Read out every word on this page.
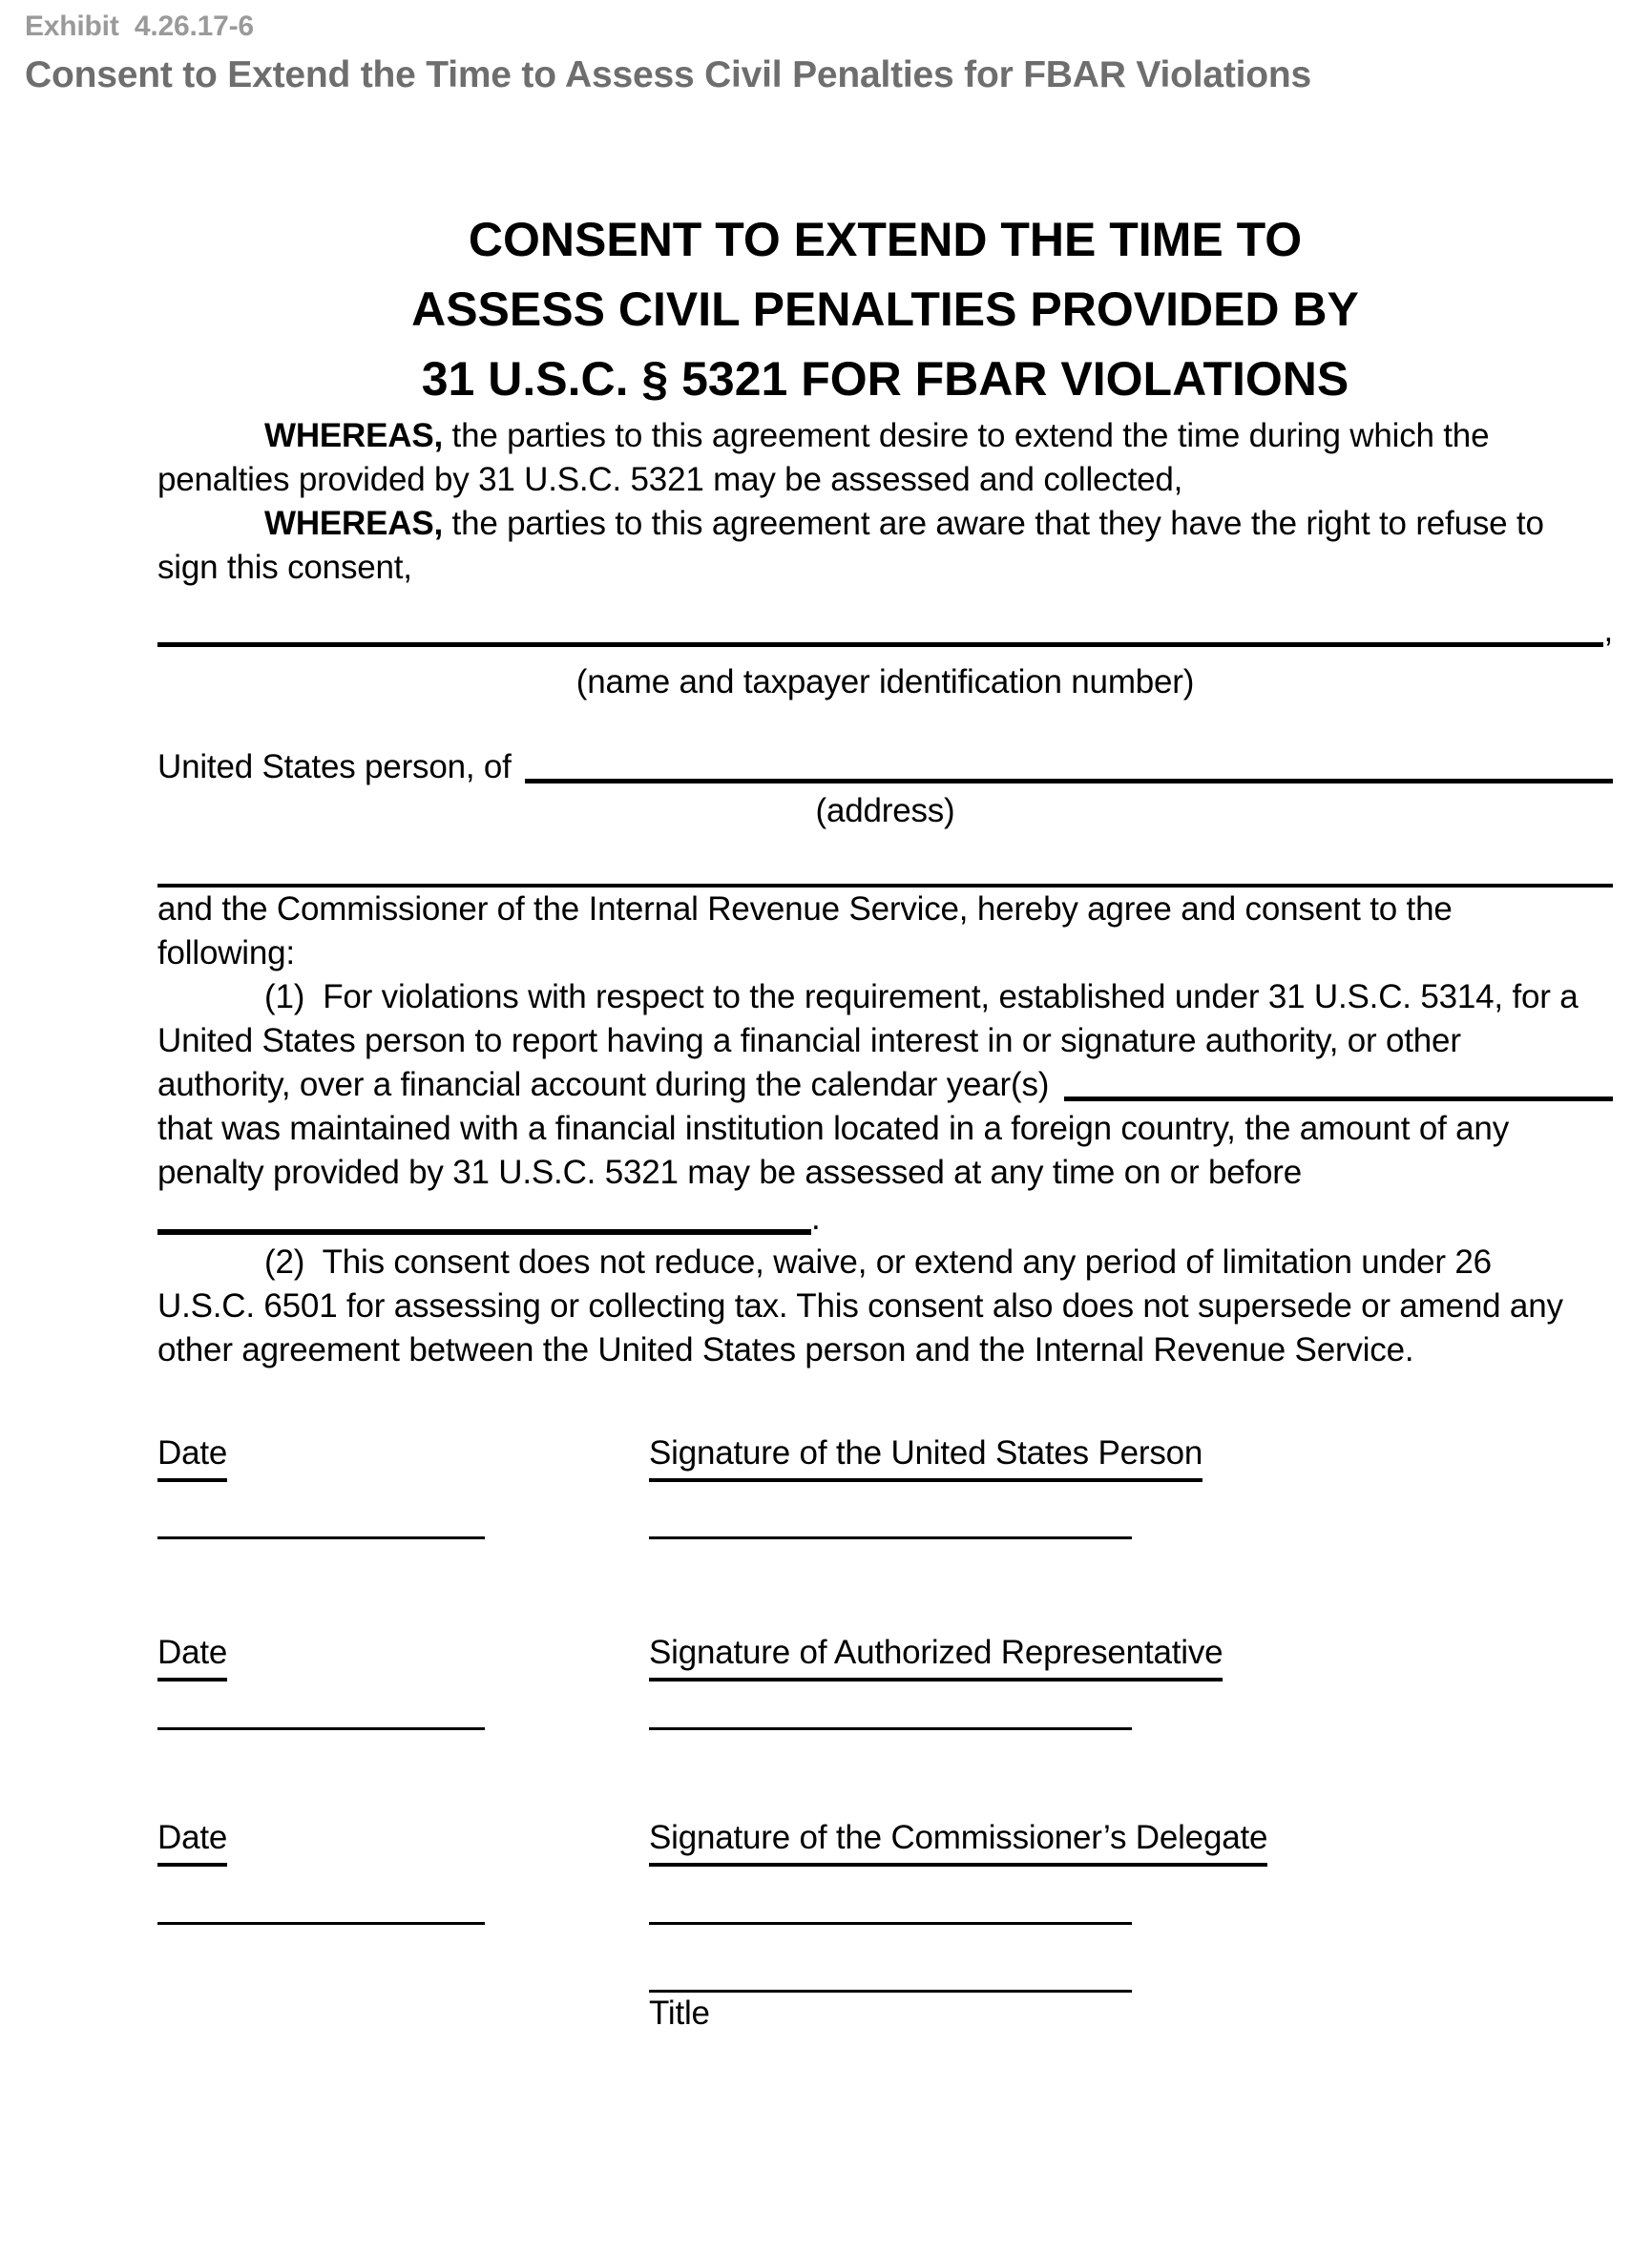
Exhibit  4.26.17-6
Consent to Extend the Time to Assess Civil Penalties for FBAR Violations
CONSENT TO EXTEND THE TIME TO
ASSESS CIVIL PENALTIES PROVIDED BY
31 U.S.C. § 5321 FOR FBAR VIOLATIONS

WHEREAS, the parties to this agreement desire to extend the time during which the
penalties provided by 31 U.S.C. 5321 may be assessed and collected,

WHEREAS, the parties to this agreement are aware that they have the right to refuse to
sign this consent,

,
(name and taxpayer identification number)
United States person, of
(address)

and the Commissioner of the Internal Revenue Service, hereby agree and consent to the
following:

(1)  For violations with respect to the requirement, established under 31 U.S.C. 5314, for a
United States person to report having a financial interest in or signature authority, or other
authority, over a financial account during the calendar year(s)
that was maintained with a financial institution located in a foreign country, the amount of any
penalty provided by 31 U.S.C. 5321 may be assessed at any time on or before

.

(2)  This consent does not reduce, waive, or extend any period of limitation under 26
U.S.C. 6501 for assessing or collecting tax. This consent also does not supersede or amend any
other agreement between the United States person and the Internal Revenue Service.

Date	Signature of the United States Person
Date	Signature of Authorized Representative
Date	Signature of the Commissioner’s Delegate
Title
